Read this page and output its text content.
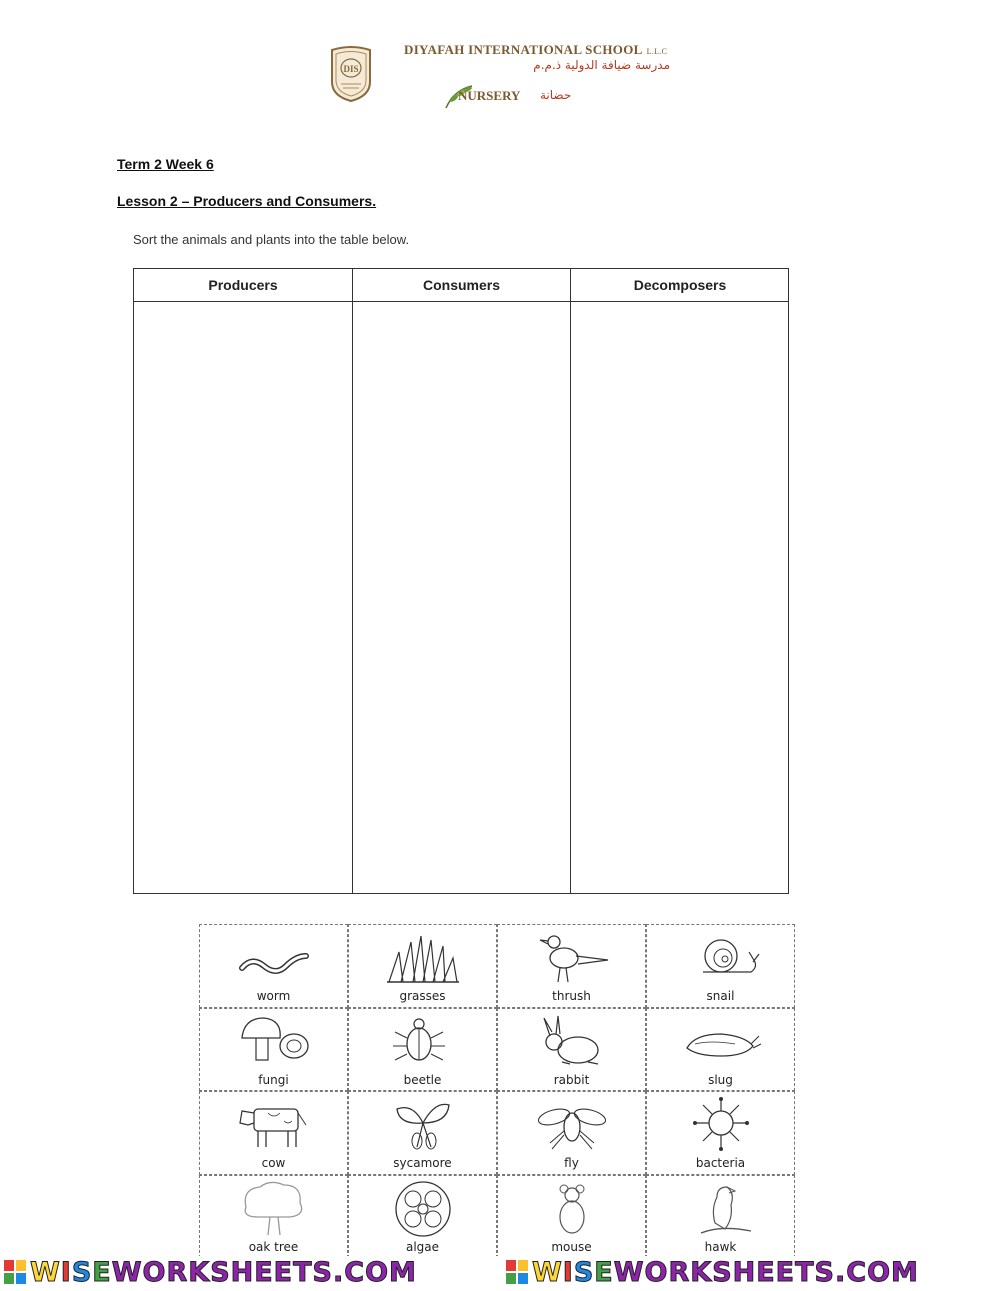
DIS
DIYAFAH INTERNATIONAL SCHOOL L.L.C
مدرسة ضيافة الدولية ذ.م.م
NURSERY حضانة
Term 2 Week 6
Lesson 2 – Producers and Consumers.
Sort the animals and plants into the table below.
Producers	Consumers	Decomposers
worm	grasses	thrush	snail
fungi	beetle	rabbit	slug
cow	sycamore	fly	bacteria
oak tree	algae	mouse	hawk
WISEWORKSHEETS.COM	WISEWORKSHEETS.COM
